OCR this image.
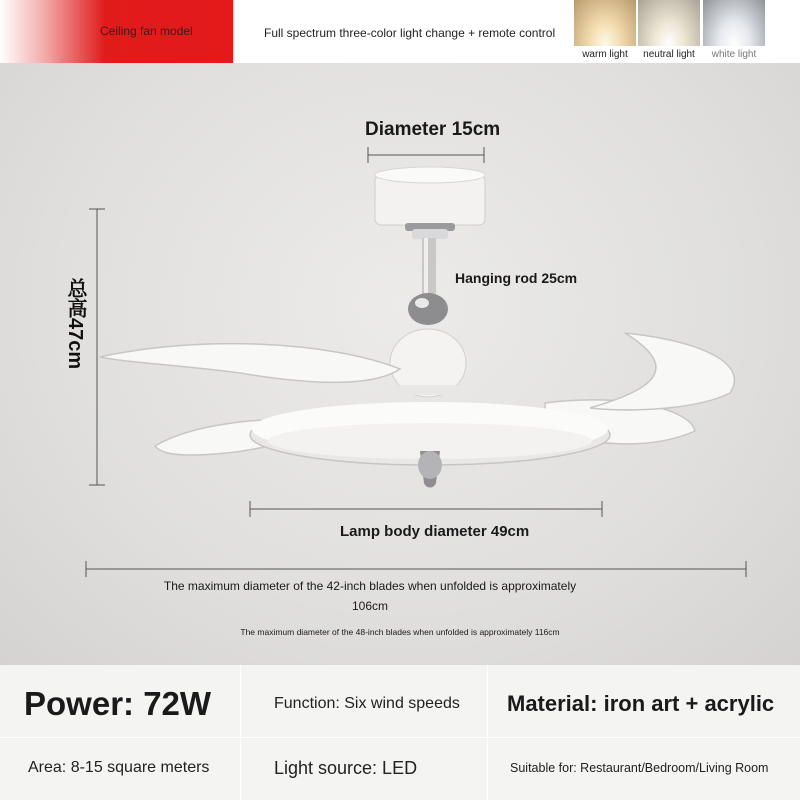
Ceiling fan model	Full spectrum three-color light change + remote control
warm light	neutral light	white light
Diameter 15cm
Hanging rod 25cm
总高47cm
Lamp body diameter 49cm
The maximum diameter of the 42-inch blades when unfolded is approximately 106cm
The maximum diameter of the 48-inch blades when unfolded is approximately 116cm
Power: 72W	Function: Six wind speeds Material: iron art + acrylic
Area: 8-15 square meters	Light source: LED	Suitable for: Restaurant/Bedroom/Living Room
